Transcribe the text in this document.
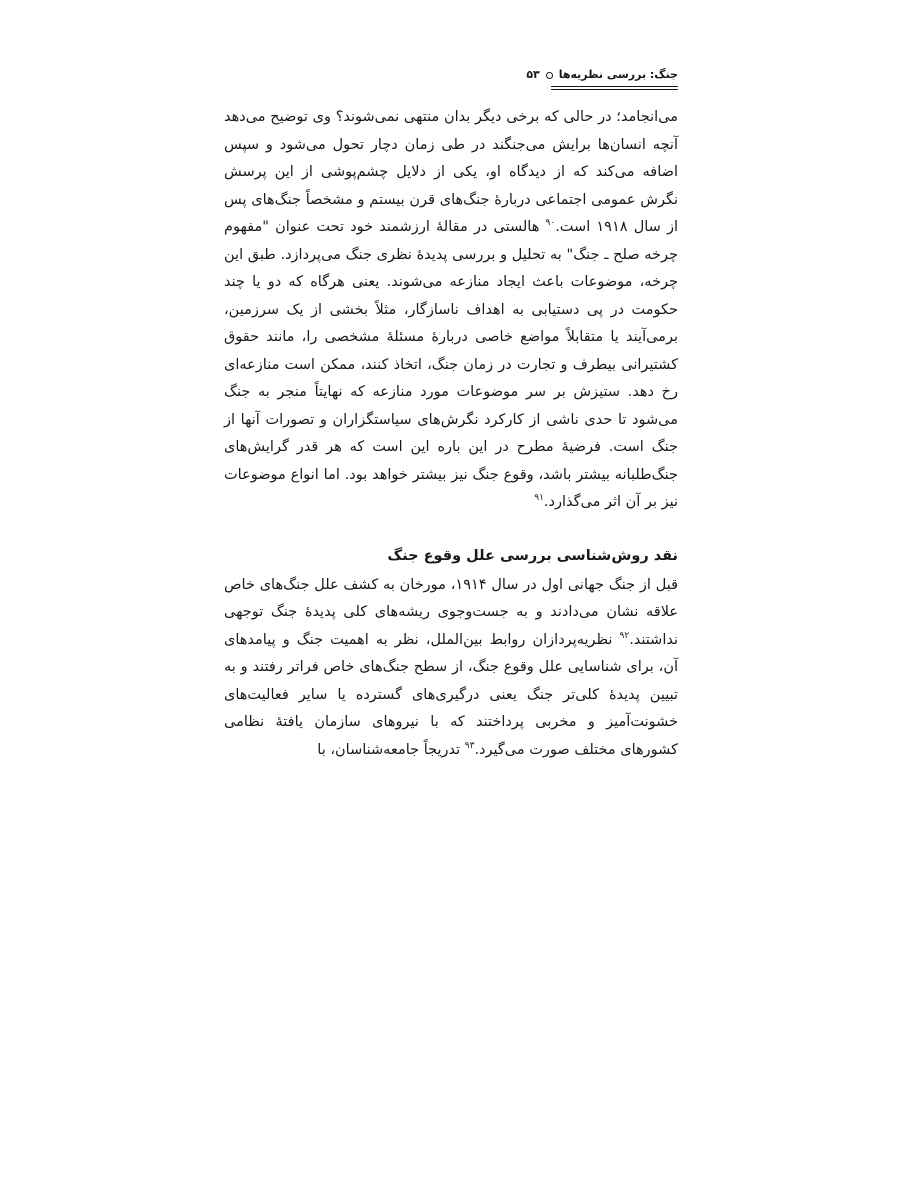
جنگ: بررسی نظریه‌ها
۵۳

می‌انجامد؛ در حالی که برخی دیگر بدان منتهی نمی‌شوند؟ وی توضیح می‌دهد آنچه انسان‌ها برایش می‌جنگند در طی زمان دچار تحول می‌شود و سپس اضافه می‌کند که از دیدگاه او، یکی از دلایل چشم‌پوشی از این پرسش نگرش عمومی اجتماعی دربارهٔ جنگ‌های قرن بیستم و مشخصاً جنگ‌های پس از سال ۱۹۱۸ است.$^{۹۰}$ هالستی در مقالهٔ ارزشمند خود تحت عنوان "مفهوم چرخه صلح ـ جنگ" به تحلیل و بررسی پدیدهٔ نظری جنگ می‌پردازد. طبق این چرخه، موضوعات باعث ایجاد منازعه می‌شوند. یعنی هرگاه که دو یا چند حکومت در پی دستیابی به اهداف ناسازگار، مثلاً بخشی از یک سرزمین، برمی‌آیند یا متقابلاً مواضع خاصی دربارهٔ مسئلهٔ مشخصی را، مانند حقوق کشتیرانی بیطرف و تجارت در زمان جنگ، اتخاذ کنند، ممکن است منازعه‌ای رخ دهد. ستیزش بر سر موضوعات مورد منازعه که نهایتاً منجر به جنگ می‌شود تا حدی ناشی از کارکرد نگرش‌های سیاستگزاران و تصورات آنها از جنگ است. فرضیهٔ مطرح در این باره این است که هر قدر گرایش‌های جنگ‌طلبانه بیشتر باشد، وقوع جنگ نیز بیشتر خواهد بود. اما انواع موضوعات نیز بر آن اثر می‌گذارد.$^{۹۱}$

نقد روش‌شناسی بررسی علل وقوع جنگ

قبل از جنگ جهانی اول در سال ۱۹۱۴، مورخان به کشف علل جنگ‌های خاص علاقه نشان می‌دادند و به جست‌وجوی ریشه‌های کلی پدیدهٔ جنگ توجهی نداشتند.$^{۹۲}$ نظریه‌پردازان روابط بین‌الملل، نظر به اهمیت جنگ و پیامدهای آن، برای شناسایی علل وقوع جنگ، از سطح جنگ‌های خاص فراتر رفتند و به تبیین پدیدهٔ کلی‌تر جنگ یعنی درگیری‌های گسترده یا سایر فعالیت‌های خشونت‌آمیز و مخربی پرداختند که با نیروهای سازمان یافتهٔ نظامی کشورهای مختلف صورت می‌گیرد.$^{۹۳}$ تدریجاً جامعه‌شناسان، با
